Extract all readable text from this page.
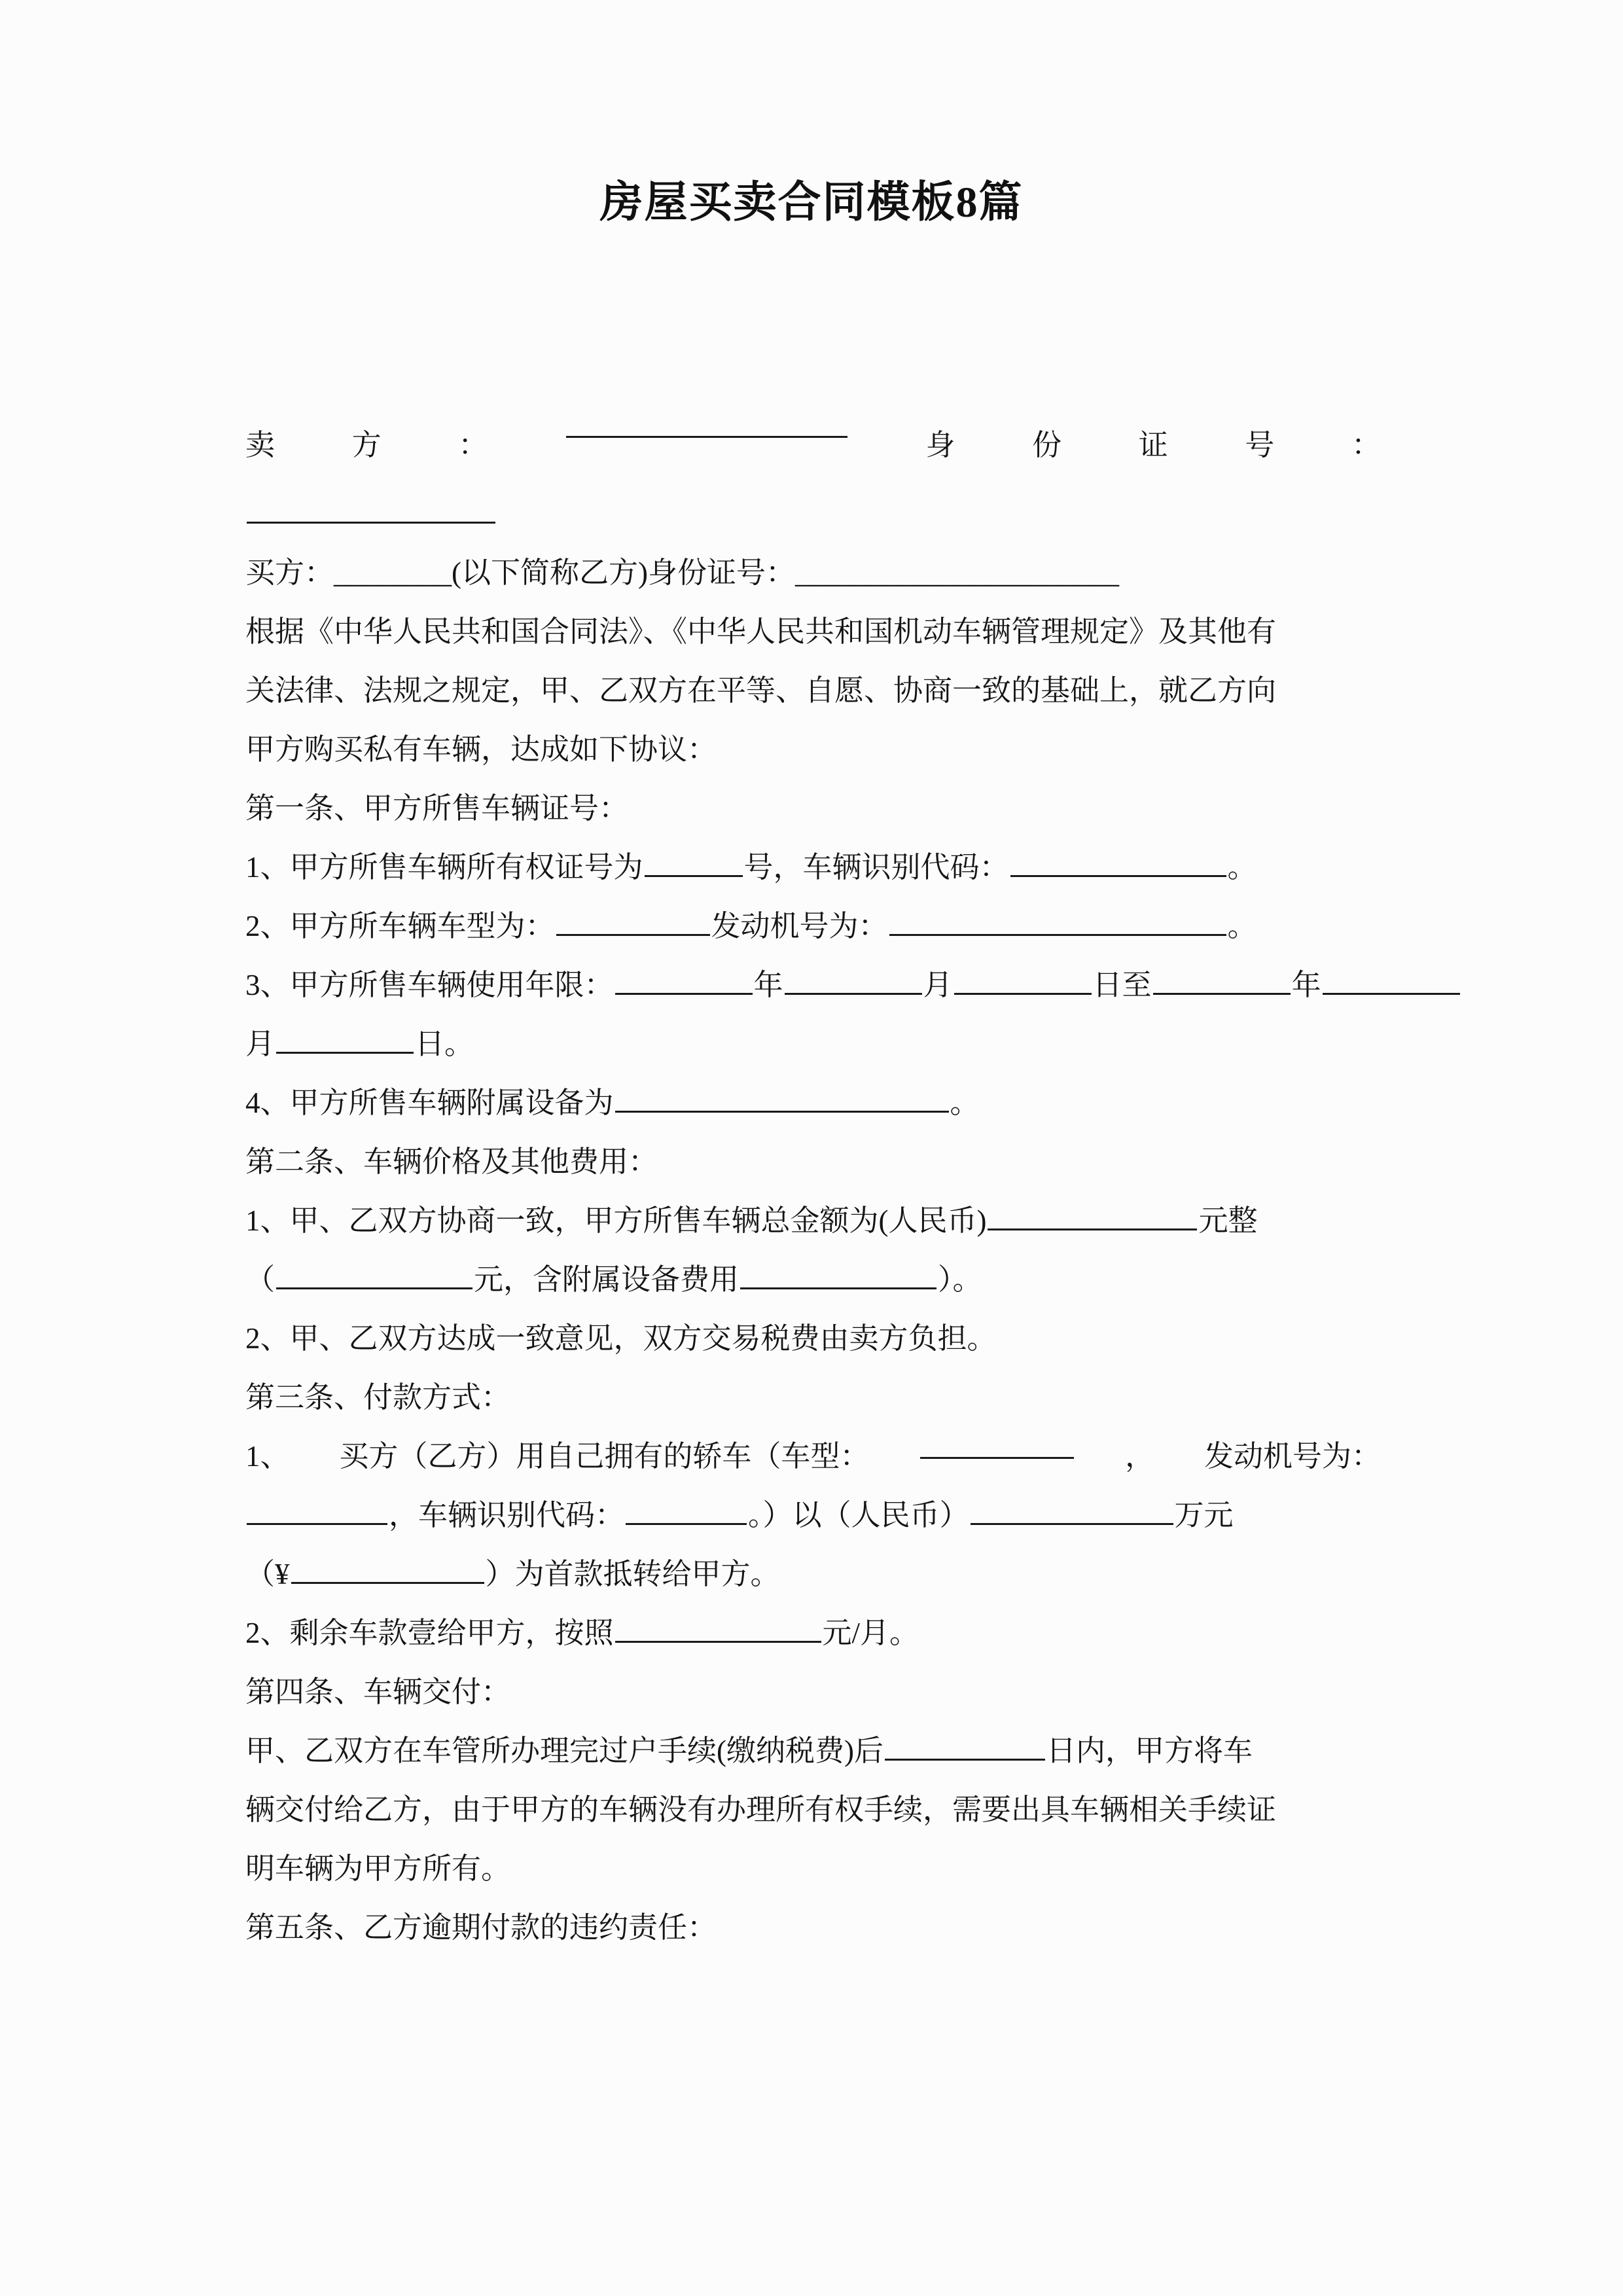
房屋买卖合同模板8篇
卖	方	：	身	份	证	号	：
买方：________(以下简称乙方)身份证号：______________________
根据《中华人民共和国合同法》、《中华人民共和国机动车辆管理规定》及其他有
关法律、法规之规定，甲、乙双方在平等、自愿、协商一致的基础上，就乙方向
甲方购买私有车辆，达成如下协议：
第一条、甲方所售车辆证号：
1、甲方所售车辆所有权证号为	号，车辆识别代码：	。
2、甲方所车辆车型为：	发动机号为：	。
3、甲方所售车辆使用年限：	年	月	日至	年
月	日。
4、甲方所售车辆附属设备为	。
第二条、车辆价格及其他费用：
1、甲、乙双方协商一致，甲方所售车辆总金额为(人民币)	元整
（	元，含附属设备费用	）。
2、甲、乙双方达成一致意见，双方交易税费由卖方负担。
第三条、付款方式：
1、 买方（乙方）用自己拥有的轿车（车型：	， 发动机号为：
，车辆识别代码：	。）以（人民币）	万元
（¥	）为首款抵转给甲方。
2、剩余车款壹给甲方，按照	元/月。
第四条、车辆交付：
甲、乙双方在车管所办理完过户手续(缴纳税费)后	日内，甲方将车
辆交付给乙方，由于甲方的车辆没有办理所有权手续，需要出具车辆相关手续证
明车辆为甲方所有。
第五条、乙方逾期付款的违约责任：
